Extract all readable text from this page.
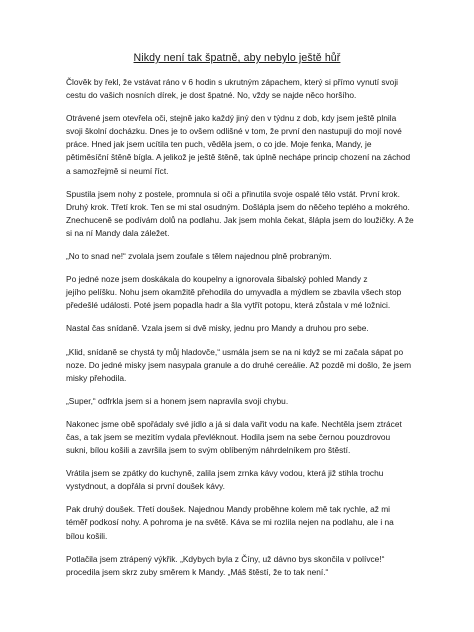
Nikdy není tak špatně, aby nebylo ještě hůř

Člověk by řekl, že vstávat ráno v 6 hodin s ukrutným zápachem, který si přímo vynutí svoji
cestu do vašich nosních dírek, je dost špatné. No, vždy se najde něco horšího.

Otrávené jsem otevřela oči, stejně jako každý jiný den v týdnu z dob, kdy jsem ještě plnila
svoji školní docházku. Dnes je to ovšem odlišné v tom, že první den nastupuji do mojí nové
práce. Hned jak jsem ucítila ten puch, věděla jsem, o co jde. Moje fenka, Mandy, je
pětiměsíční štěně bígla. A jelikož je ještě štěně, tak úplně nechápe princip chození na záchod
a samozřejmě si neumí říct.

Spustila jsem nohy z postele, promnula si oči a přinutila svoje ospalé tělo vstát. První krok.
Druhý krok. Třetí krok. Ten se mi stal osudným. Došlápla jsem do něčeho teplého a mokrého.
Znechuceně se podívám dolů na podlahu. Jak jsem mohla čekat, šlápla jsem do loužičky. A že
si na ní Mandy dala záležet.

„No to snad ne!“ zvolala jsem zoufale s tělem najednou plně probraným.

Po jedné noze jsem doskákala do koupelny a ignorovala šibalský pohled Mandy z
jejího pelíšku. Nohu jsem okamžitě přehodila do umyvadla a mýdlem se zbavila všech stop
předešlé události. Poté jsem popadla hadr a šla vytřít potopu, která zůstala v mé ložnici.

Nastal čas snídaně. Vzala jsem si dvě misky, jednu pro Mandy a druhou pro sebe.

„Klid, snídaně se chystá ty můj hladovče,“ usmála jsem se na ni když se mi začala sápat po
noze. Do jedné misky jsem nasypala granule a do druhé cereálie. Až pozdě mi došlo, že jsem
misky přehodila.

„Super,“ odfrkla jsem si a honem jsem napravila svoji chybu.

Nakonec jsme obě spořádaly své jídlo a já si dala vařit vodu na kafe. Nechtěla jsem ztrácet
čas, a tak jsem se mezitím vydala převléknout. Hodila jsem na sebe černou pouzdrovou
sukni, bílou košili a završila jsem to svým oblíbeným náhrdelníkem pro štěstí.

Vrátila jsem se zpátky do kuchyně, zalila jsem zrnka kávy vodou, která již stihla trochu
vystydnout, a dopřála si první doušek kávy.

Pak druhý doušek. Třetí doušek. Najednou Mandy proběhne kolem mě tak rychle, až mi
téměř podkosí nohy. A pohroma je na světě. Káva se mi rozlila nejen na podlahu, ale i na
bílou košili.

Potlačila jsem ztrápený výkřik. „Kdybych byla z Číny, už dávno bys skončila v polívce!“
procedila jsem skrz zuby směrem k Mandy. „Máš štěstí, že to tak není.“
